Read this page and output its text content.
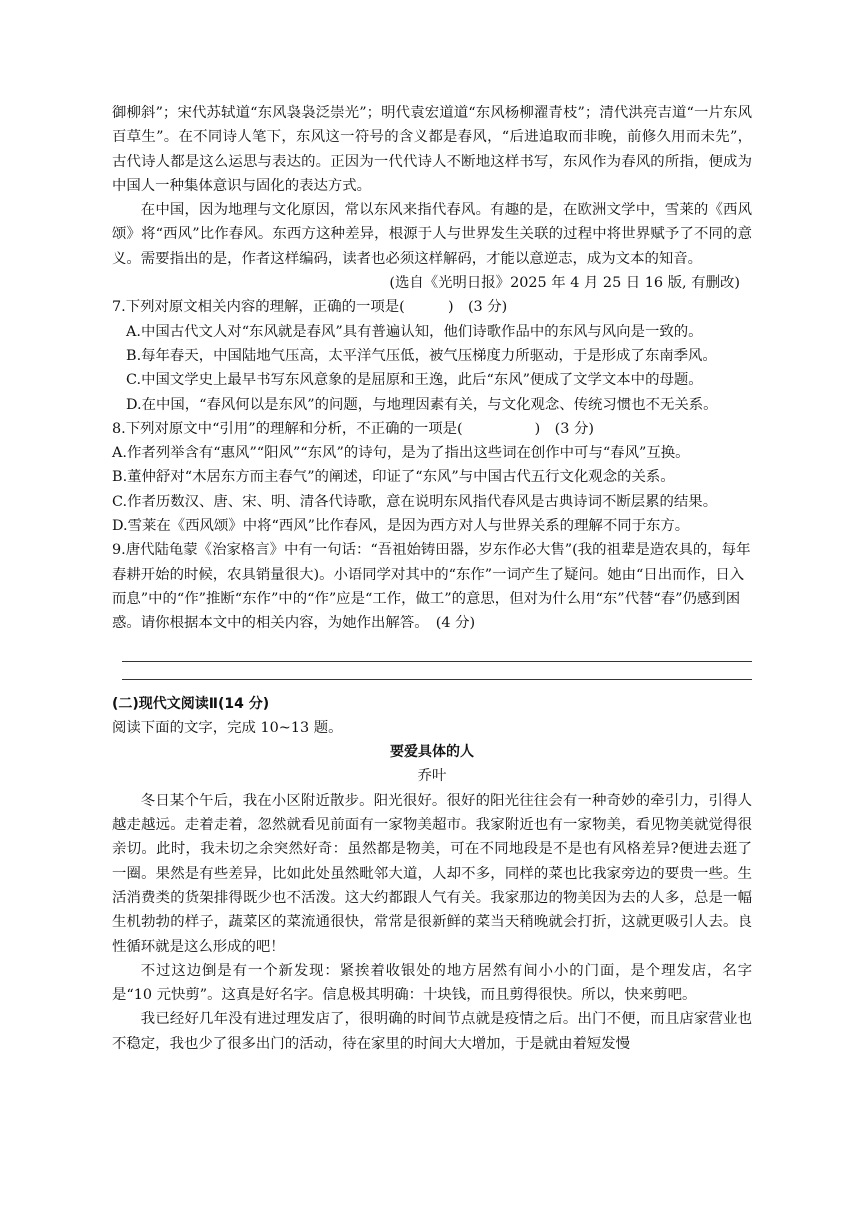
御柳斜”；宋代苏轼道“东风袅袅泛崇光”；明代袁宏道道“东风杨柳濯青枝”；清代洪亮吉道“一片东风百草生”。在不同诗人笔下，东风这一符号的含义都是春风，“后进追取而非晚，前修久用而未先”，古代诗人都是这么运思与表达的。正因为一代代诗人不断地这样书写，东风作为春风的所指，便成为中国人一种集体意识与固化的表达方式。

在中国，因为地理与文化原因，常以东风来指代春风。有趣的是，在欧洲文学中，雪莱的《西风颂》将“西风”比作春风。东西方这种差异，根源于人与世界发生关联的过程中将世界赋予了不同的意义。需要指出的是，作者这样编码，读者也必须这样解码，才能以意逆志，成为文本的知音。

(选自《光明日报》2025 年 4 月 25 日 16 版, 有删改)

7.下列对原文相关内容的理解，正确的一项是(　　　)　(3 分)

A.中国古代文人对“东风就是春风”具有普遍认知，他们诗歌作品中的东风与风向是一致的。

B.每年春天，中国陆地气压高，太平洋气压低，被气压梯度力所驱动，于是形成了东南季风。

C.中国文学史上最早书写东风意象的是屈原和王逸，此后“东风”便成了文学文本中的母题。

D.在中国，“春风何以是东风”的问题，与地理因素有关，与文化观念、传统习惯也不无关系。

8.下列对原文中“引用”的理解和分析，不正确的一项是(　　　　　)　(3 分)

A.作者列举含有“惠风”“阳风”“东风”的诗句，是为了指出这些词在创作中可与“春风”互换。

B.董仲舒对“木居东方而主春气”的阐述，印证了“东风”与中国古代五行文化观念的关系。

C.作者历数汉、唐、宋、明、清各代诗歌，意在说明东风指代春风是古典诗词不断层累的结果。

D.雪莱在《西风颂》中将“西风”比作春风，是因为西方对人与世界关系的理解不同于东方。

9.唐代陆龟蒙《治家格言》中有一句话：“吾祖始铸田器，岁东作必大售”(我的祖辈是造农具的，每年春耕开始的时候，农具销量很大)。小语同学对其中的“东作”一词产生了疑问。她由“日出而作，日入而息”中的“作”推断“东作”中的“作”应是“工作，做工”的意思，但对为什么用“东”代替“春”仍感到困惑。请你根据本文中的相关内容，为她作出解答。　(4 分)

(二)现代文阅读Ⅱ(14 分)

阅读下面的文字，完成 10~13 题。

要爱具体的人

乔叶

冬日某个午后，我在小区附近散步。阳光很好。很好的阳光往往会有一种奇妙的牵引力，引得人越走越远。走着走着，忽然就看见前面有一家物美超市。我家附近也有一家物美，看见物美就觉得很亲切。此时，我未切之余突然好奇：虽然都是物美，可在不同地段是不是也有风格差异?便进去逛了一圈。果然是有些差异，比如此处虽然毗邻大道，人却不多，同样的菜也比我家旁边的要贵一些。生活消费类的货架排得既少也不活泼。这大约都跟人气有关。我家那边的物美因为去的人多，总是一幅生机勃勃的样子，蔬菜区的菜流通很快，常常是很新鲜的菜当天稍晚就会打折，这就更吸引人去。良性循环就是这么形成的吧！

不过这边倒是有一个新发现：紧挨着收银处的地方居然有间小小的门面，是个理发店，名字是“10 元快剪”。这真是好名字。信息极其明确：十块钱，而且剪得很快。所以，快来剪吧。

我已经好几年没有进过理发店了，很明确的时间节点就是疫情之后。出门不便，而且店家营业也不稳定，我也少了很多出门的活动，待在家里的时间大大增加，于是就由着短发慢
